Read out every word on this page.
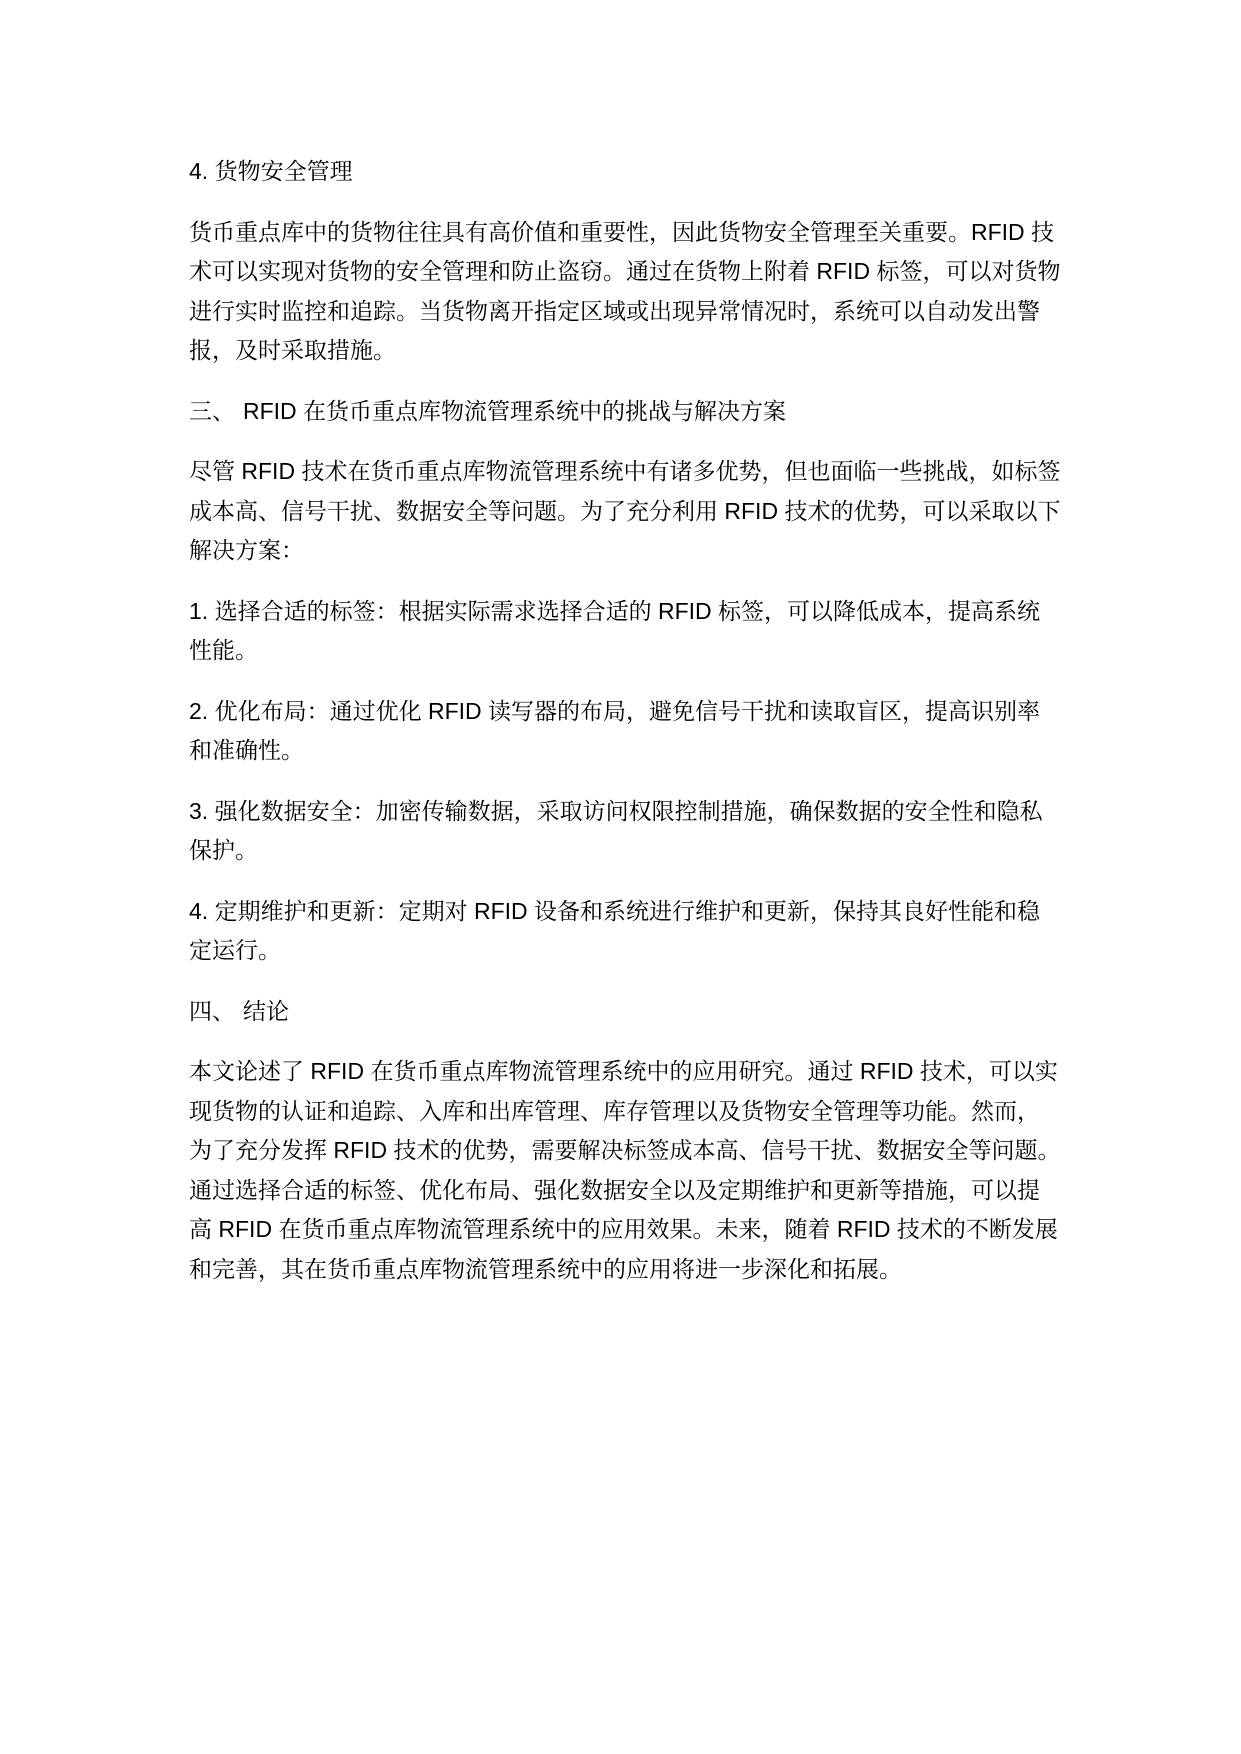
4. 货物安全管理
货币重点库中的货物往往具有高价值和重要性，因此货物安全管理至关重要。RFID 技
术可以实现对货物的安全管理和防止盗窃。通过在货物上附着 RFID 标签，可以对货物
进行实时监控和追踪。当货物离开指定区域或出现异常情况时，系统可以自动发出警
报，及时采取措施。
三、 RFID 在货币重点库物流管理系统中的挑战与解决方案
尽管 RFID 技术在货币重点库物流管理系统中有诸多优势，但也面临一些挑战，如标签
成本高、信号干扰、数据安全等问题。为了充分利用 RFID 技术的优势，可以采取以下
解决方案：
1. 选择合适的标签：根据实际需求选择合适的 RFID 标签，可以降低成本，提高系统
性能。
2. 优化布局：通过优化 RFID 读写器的布局，避免信号干扰和读取盲区，提高识别率
和准确性。
3. 强化数据安全：加密传输数据，采取访问权限控制措施，确保数据的安全性和隐私
保护。
4. 定期维护和更新：定期对 RFID 设备和系统进行维护和更新，保持其良好性能和稳
定运行。
四、 结论
本文论述了 RFID 在货币重点库物流管理系统中的应用研究。通过 RFID 技术，可以实
现货物的认证和追踪、入库和出库管理、库存管理以及货物安全管理等功能。然而，
为了充分发挥 RFID 技术的优势，需要解决标签成本高、信号干扰、数据安全等问题。
通过选择合适的标签、优化布局、强化数据安全以及定期维护和更新等措施，可以提
高 RFID 在货币重点库物流管理系统中的应用效果。未来，随着 RFID 技术的不断发展
和完善，其在货币重点库物流管理系统中的应用将进一步深化和拓展。
